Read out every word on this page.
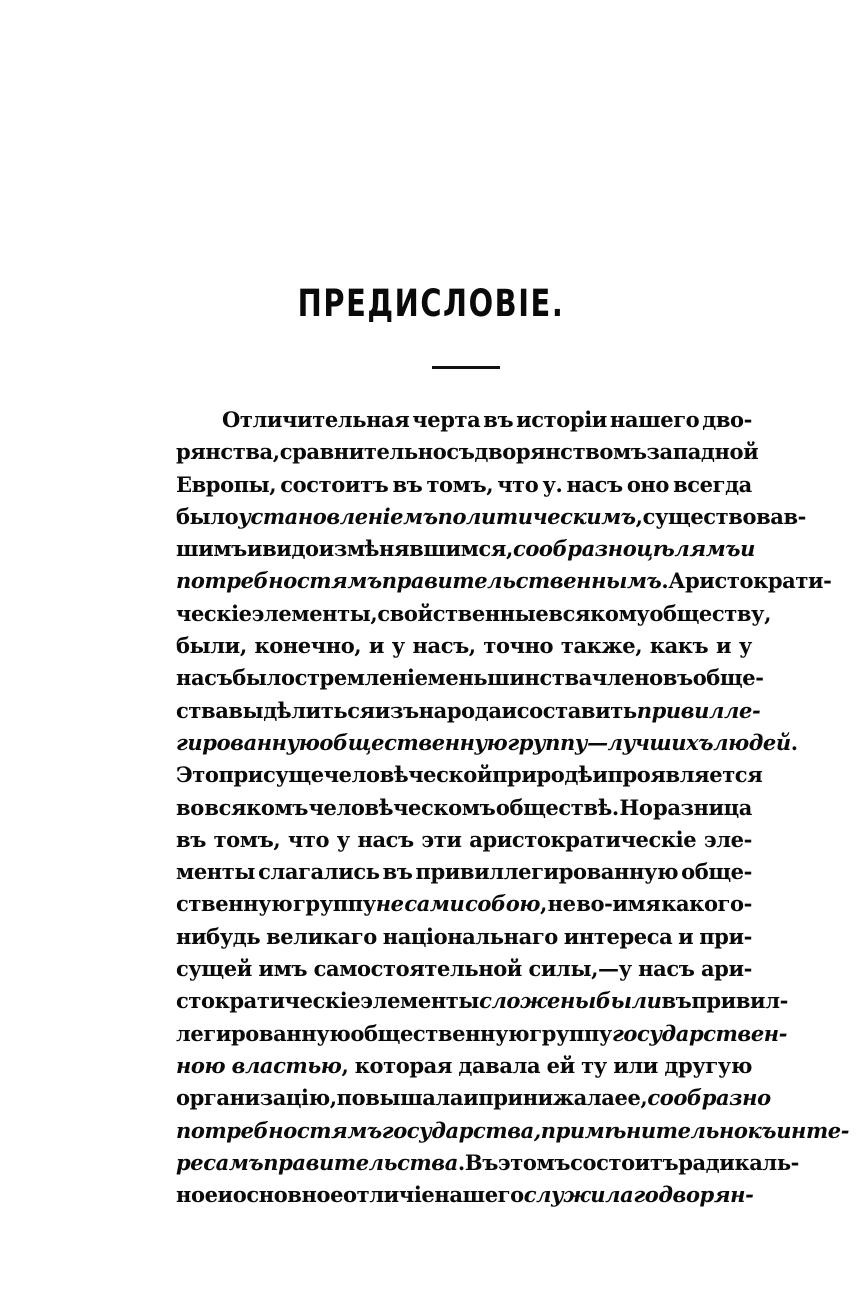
ПРЕДИСЛОВІЕ.
Отличительная черта въ исторіи нашего дво-
рянства, сравнительно съ дворянствомъ западной
Европы, состоитъ въ томъ, что у. насъ оно всегда
былоустановленіемъ политическимъ, существовав-
шимъ и видоизмѣнявшимся,сообразно цѣлямъ и
потребностямъ правительственнымъ. Аристократи-
ческіе элементы, свойственные всякому обществу,
были, конечно, и у насъ, точно также, какъ и у
насъ было стремленіе меньшинства членовъ обще-
ства выдѣлиться изъ народа и составитьпривилле-
гированную общественную группу—лучшихъ людей.
Это присуще человѣческой природѣ и проявляется
во всякомъ человѣческомъ обществѣ. Но разница
въ томъ, что у насъ эти аристократическіе эле-
менты слагались въ привиллегированную обще-
ственную группуне сами собою, не во-имя какого-
нибудь великаго національнаго интереса и при-
сущей имъ самостоятельной силы,—у насъ ари-
стократическіе элементысложены были въ привил-
легированную общественную группугосударствен-
ною властью, которая давала ей ту или другую
организацію, повышала и принижала ее,сообразно
потребностямъ государства, примѣнительно къ инте-
ресамъ правительства. Въ этомъ состоитъ радикаль-
ное и основное отличіе нашегослужилаго дворян-
